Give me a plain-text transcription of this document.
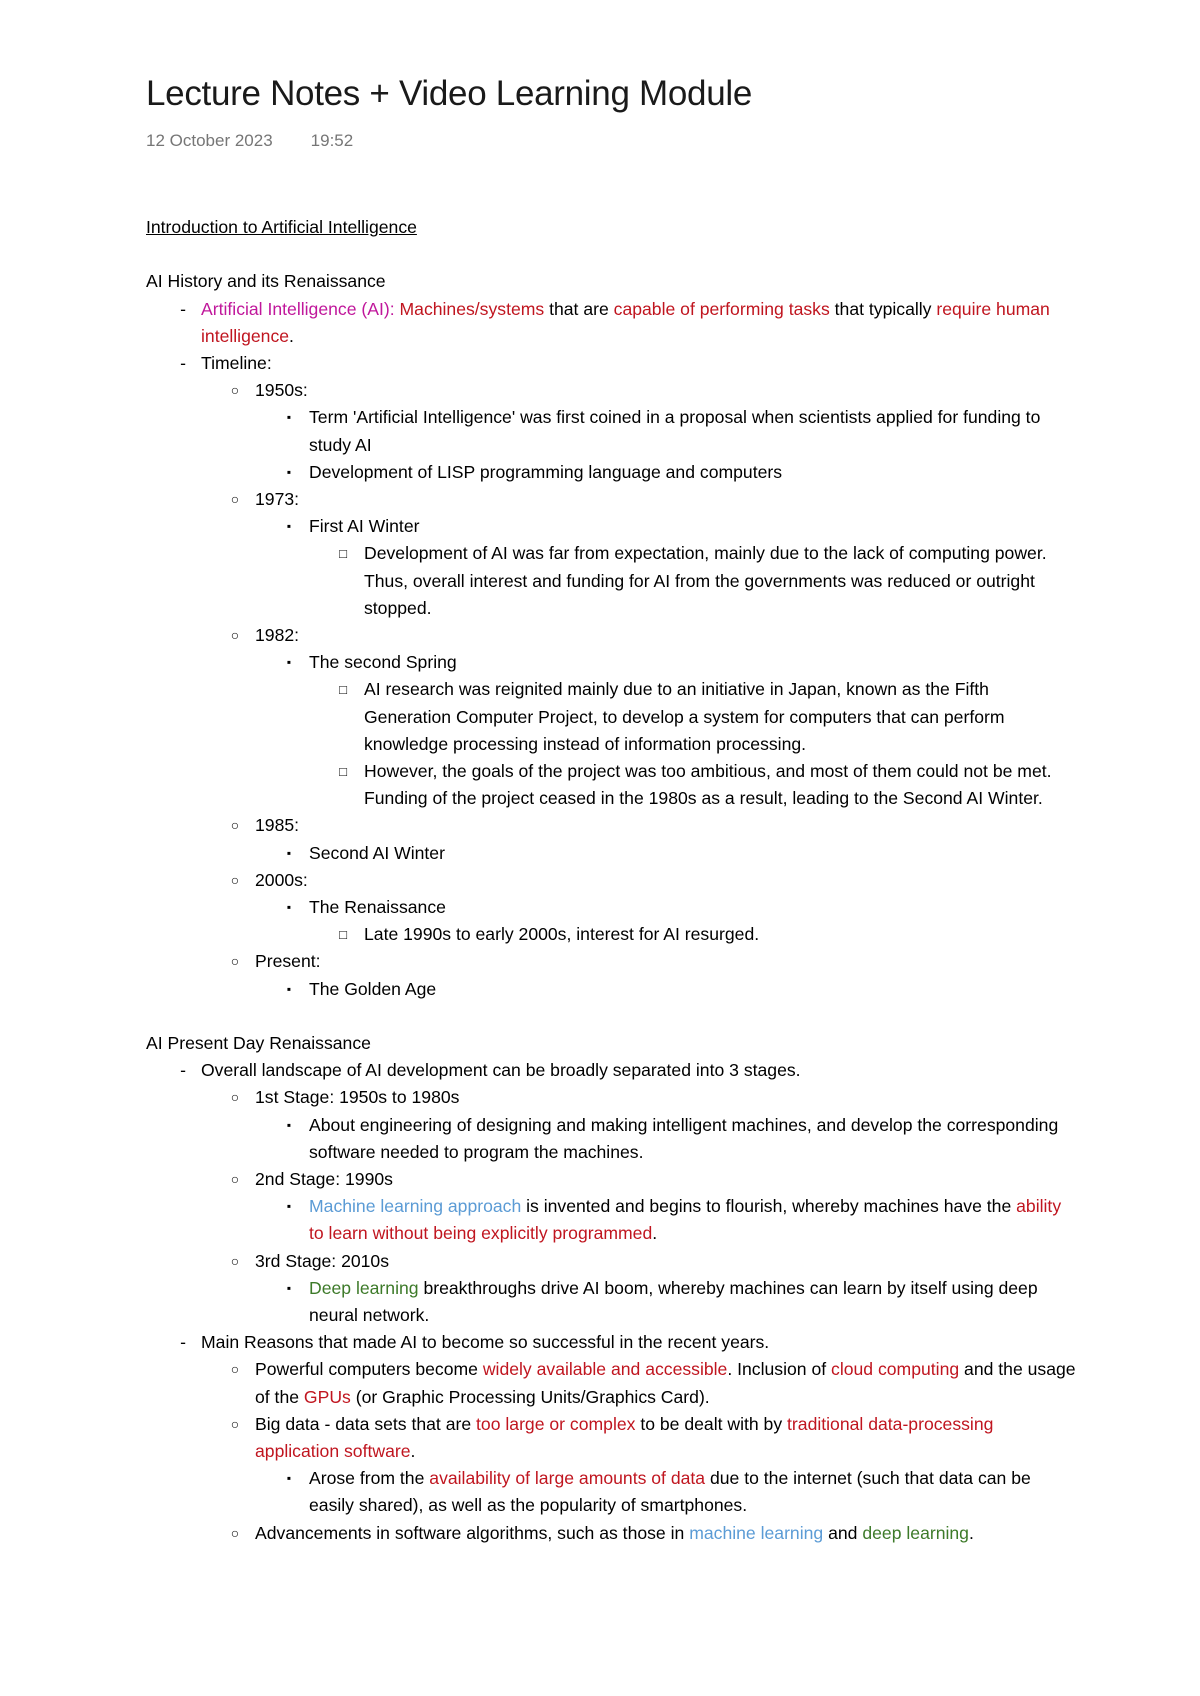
Lecture Notes + Video Learning Module
12 October 2023 19:52
Introduction to Artificial Intelligence
AI History and its Renaissance
- Artificial Intelligence (AI): Machines/systems that are capable of performing tasks that typically require human intelligence.
- Timeline:
○ 1950s:
▪	Term 'Artificial Intelligence' was first coined in a proposal when scientists applied for funding to study AI
▪	Development of LISP programming language and computers
○ 1973:
▪	First AI Winter
□ Development of AI was far from expectation, mainly due to the lack of computing power. Thus, overall interest and funding for AI from the governments was reduced or outright stopped.
○ 1982:
▪	The second Spring
□ AI research was reignited mainly due to an initiative in Japan, known as the Fifth Generation Computer Project, to develop a system for computers that can perform knowledge processing instead of information processing.
□ However, the goals of the project was too ambitious, and most of them could not be met. Funding of the project ceased in the 1980s as a result, leading to the Second AI Winter.
○ 1985:
▪	Second AI Winter
○ 2000s:
▪	The Renaissance
□ Late 1990s to early 2000s, interest for AI resurged.
○ Present:
▪	The Golden Age
AI Present Day Renaissance
- Overall landscape of AI development can be broadly separated into 3 stages.
○ 1st Stage: 1950s to 1980s
▪	About engineering of designing and making intelligent machines, and develop the corresponding software needed to program the machines.
○ 2nd Stage: 1990s
▪	Machine learning approach is invented and begins to flourish, whereby machines have the ability to learn without being explicitly programmed.
○ 3rd Stage: 2010s
▪	Deep learning breakthroughs drive AI boom, whereby machines can learn by itself using deep neural network.
- Main Reasons that made AI to become so successful in the recent years.
○ Powerful computers become widely available and accessible. Inclusion of cloud computing and the usage of the GPUs (or Graphic Processing Units/Graphics Card).
○ Big data - data sets that are too large or complex to be dealt with by traditional data-processing application software.
▪	Arose from the availability of large amounts of data due to the internet (such that data can be easily shared), as well as the popularity of smartphones.
○ Advancements in software algorithms, such as those in machine learning and deep learning.
